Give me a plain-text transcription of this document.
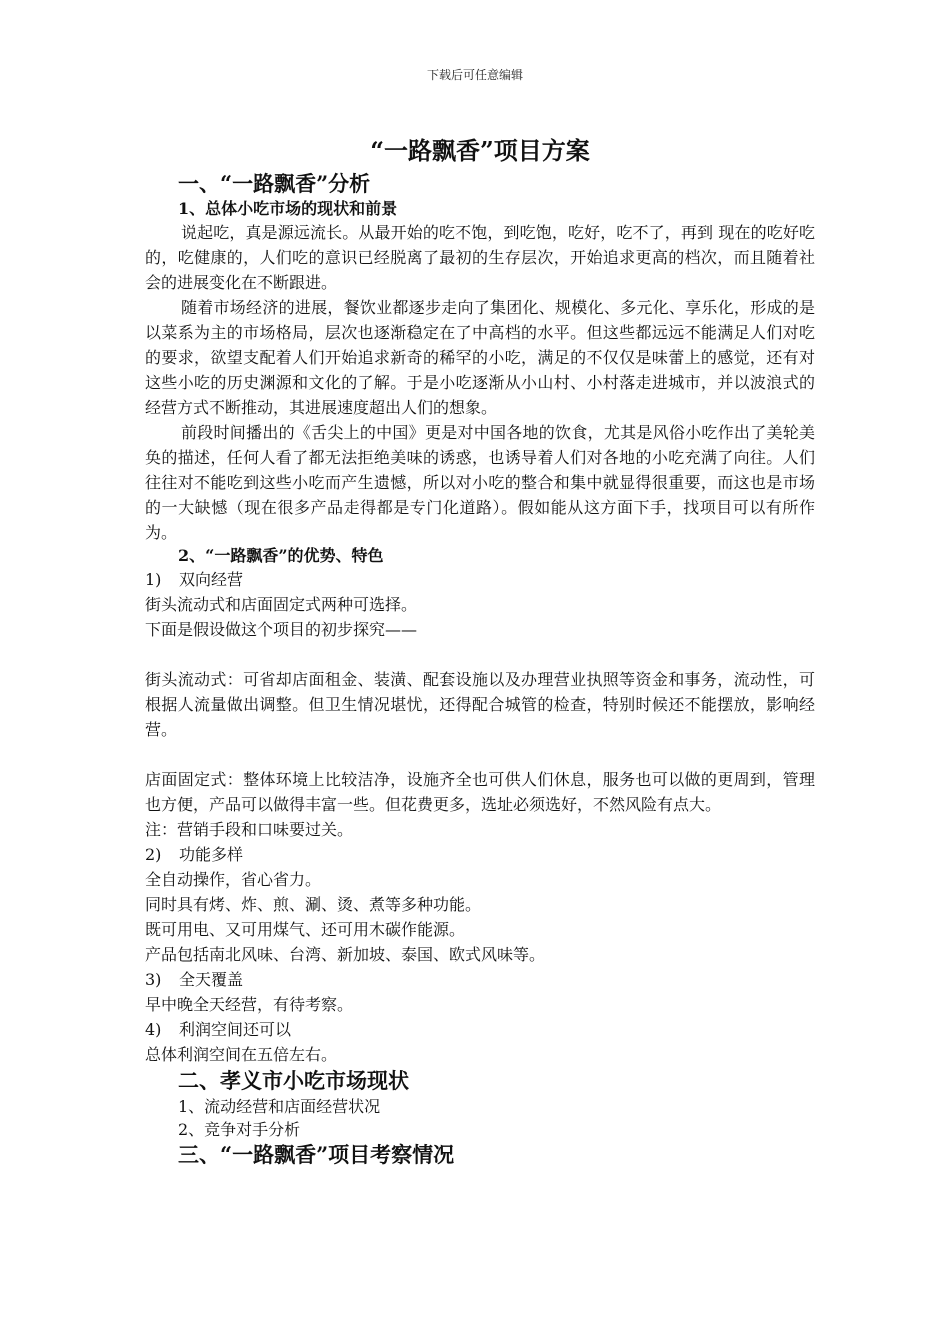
下载后可任意编辑
“一路飘香”项目方案
一、“一路飘香”分析
1、总体小吃市场的现状和前景

说起吃，真是源远流长。从最开始的吃不饱，到吃饱，吃好，吃不了，再到 现在的吃好吃的，吃健康的，人们吃的意识已经脱离了最初的生存层次，开始追求更高的档次，而且随着社会的进展变化在不断跟进。

随着市场经济的进展，餐饮业都逐步走向了集团化、规模化、多元化、享乐化，形成的是以菜系为主的市场格局，层次也逐渐稳定在了中高档的水平。但这些都远远不能满足人们对吃的要求，欲望支配着人们开始追求新奇的稀罕的小吃，满足的不仅仅是味蕾上的感觉，还有对这些小吃的历史渊源和文化的了解。于是小吃逐渐从小山村、小村落走进城市，并以波浪式的经营方式不断推动，其进展速度超出人们的想象。

前段时间播出的《舌尖上的中国》更是对中国各地的饮食，尤其是风俗小吃作出了美轮美奂的描述，任何人看了都无法拒绝美味的诱惑，也诱导着人们对各地的小吃充满了向往。人们往往对不能吃到这些小吃而产生遗憾，所以对小吃的整合和集中就显得很重要，而这也是市场的一大缺憾（现在很多产品走得都是专门化道路）。假如能从这方面下手，找项目可以有所作为。

2、“一路飘香”的优势、特色
1) 双向经营
街头流动式和店面固定式两种可选择。
下面是假设做这个项目的初步探究——

街头流动式：可省却店面租金、装潢、配套设施以及办理营业执照等资金和事务，流动性，可根据人流量做出调整。但卫生情况堪忧，还得配合城管的检查，特别时候还不能摆放，影响经营。

店面固定式：整体环境上比较洁净，设施齐全也可供人们休息，服务也可以做的更周到，管理也方便，产品可以做得丰富一些。但花费更多，选址必须选好，不然风险有点大。

注：营销手段和口味要过关。
2) 功能多样
全自动操作，省心省力。
同时具有烤、炸、煎、涮、烫、煮等多种功能。
既可用电、又可用煤气、还可用木碳作能源。
产品包括南北风味、台湾、新加坡、泰国、欧式风味等。
3) 全天覆盖
早中晚全天经营，有待考察。
4) 利润空间还可以
总体利润空间在五倍左右。
二、孝义市小吃市场现状
1、流动经营和店面经营状况
2、竞争对手分析
三、“一路飘香”项目考察情况
